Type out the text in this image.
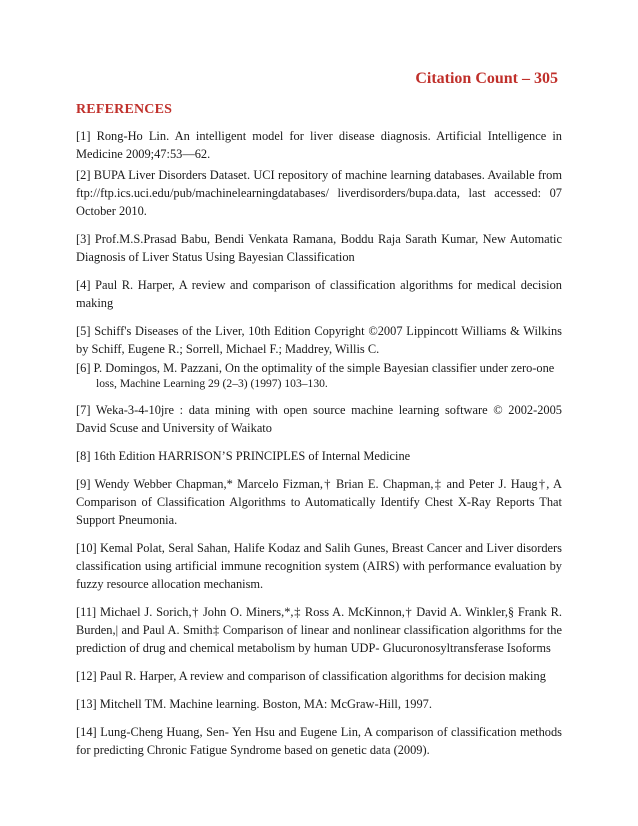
Citation Count – 305
REFERENCES

[1] Rong-Ho Lin. An intelligent model for liver disease diagnosis. Artificial Intelligence in Medicine 2009;47:53—62.

[2] BUPA Liver Disorders Dataset. UCI repository of machine learning databases. Available from ftp://ftp.ics.uci.edu/pub/machinelearningdatabases/ liverdisorders/bupa.data, last accessed: 07 October 2010.

[3] Prof.M.S.Prasad Babu, Bendi Venkata Ramana, Boddu Raja Sarath Kumar, New Automatic Diagnosis of Liver Status Using Bayesian Classification

[4] Paul R. Harper, A review and comparison of classification algorithms for medical decision making

[5] Schiff's Diseases of the Liver, 10th Edition Copyright ©2007 Lippincott Williams & Wilkins by Schiff, Eugene R.; Sorrell, Michael F.; Maddrey, Willis C.

[6] P. Domingos, M. Pazzani, On the optimality of the simple Bayesian classifier under zero-one
loss, Machine Learning 29 (2–3) (1997) 103–130.

[7] Weka-3-4-10jre : data mining with open source machine learning software © 2002-2005 David Scuse and University of Waikato

[8] 16th Edition HARRISON’S PRINCIPLES of Internal Medicine

[9] Wendy Webber Chapman,* Marcelo Fizman,† Brian E. Chapman,‡ and Peter J. Haug†, A Comparison of Classification Algorithms to Automatically Identify Chest X-Ray Reports That Support Pneumonia.

[10] Kemal Polat, Seral Sahan, Halife Kodaz and Salih Gunes, Breast Cancer and Liver disorders classification using artificial immune recognition system (AIRS) with performance evaluation by fuzzy resource allocation mechanism.

[11] Michael J. Sorich,† John O. Miners,*,‡ Ross A. McKinnon,† David A. Winkler,§ Frank R. Burden,| and Paul A. Smith‡ Comparison of linear and nonlinear classification algorithms for the prediction of drug and chemical metabolism by human UDP- Glucuronosyltransferase Isoforms

[12] Paul R. Harper, A review and comparison of classification algorithms for decision making

[13] Mitchell TM. Machine learning. Boston, MA: McGraw-Hill, 1997.

[14] Lung-Cheng Huang, Sen- Yen Hsu and Eugene Lin, A comparison of classification methods for predicting Chronic Fatigue Syndrome based on genetic data (2009).
